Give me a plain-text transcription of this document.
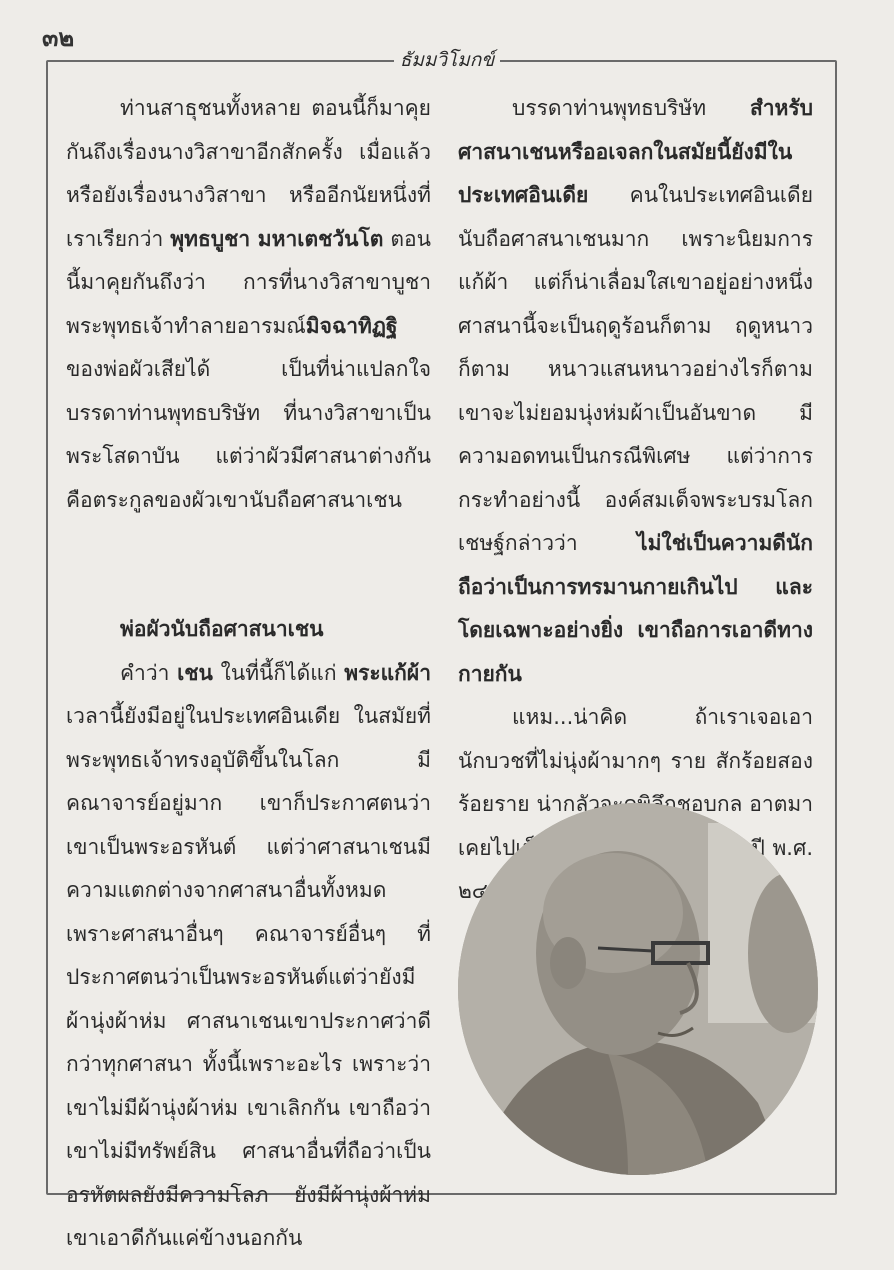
๓๒
ธัมมวิโมกข์

ท่านสาธุชนทั้งหลาย ตอนนี้ก็มาคุยกันถึงเรื่องนางวิสาขาอีกสักครั้ง เมื่อแล้วหรือยังเรื่องนางวิสาขา หรืออีกนัยหนึ่งที่เราเรียกว่า พุทธบูชา มหาเตชวันโต ตอนนี้มาคุยกันถึงว่า การที่นางวิสาขาบูชาพระพุทธเจ้าทำลายอารมณ์มิจฉาทิฏฐิของพ่อผัวเสียได้ เป็นที่น่าแปลกใจ บรรดาท่านพุทธบริษัท ที่นางวิสาขาเป็นพระโสดาบัน แต่ว่าผัวมีศาสนาต่างกัน คือตระกูลของผัวเขานับถือศาสนาเชน

พ่อผัวนับถือศาสนาเชน

คำว่า เชน ในที่นี้ก็ได้แก่ พระแก้ผ้า เวลานี้ยังมีอยู่ในประเทศอินเดีย ในสมัยที่พระพุทธเจ้าทรงอุบัติขึ้นในโลก มีคณาจารย์อยู่มาก เขาก็ประกาศตนว่าเขาเป็นพระอรหันต์ แต่ว่าศาสนาเชนมีความแตกต่างจากศาสนาอื่นทั้งหมด เพราะศาสนาอื่นๆ คณาจารย์อื่นๆ ที่ประกาศตนว่าเป็นพระอรหันต์แต่ว่ายังมีผ้านุ่งผ้าห่ม ศาสนาเชนเขาประกาศว่าดีกว่าทุกศาสนา ทั้งนี้เพราะอะไร เพราะว่าเขาไม่มีผ้านุ่งผ้าห่ม เขาเลิกกัน เขาถือว่าเขาไม่มีทรัพย์สิน ศาสนาอื่นที่ถือว่าเป็นอรหัตผลยังมีความโลภ ยังมีผ้านุ่งผ้าห่ม เขาเอาดีกันแค่ข้างนอกกัน

บรรดาท่านพุทธบริษัท สำหรับศาสนาเชนหรืออเจลกในสมัยนี้ยังมีในประเทศอินเดีย คนในประเทศอินเดียนับถือศาสนาเชนมาก เพราะนิยมการแก้ผ้า แต่ก็น่าเลื่อมใสเขาอยู่อย่างหนึ่ง ศาสนานี้จะเป็นฤดูร้อนก็ตาม ฤดูหนาวก็ตาม หนาวแสนหนาวอย่างไรก็ตาม เขาจะไม่ยอมนุ่งห่มผ้าเป็นอันขาด มีความอดทนเป็นกรณีพิเศษ แต่ว่าการกระทำอย่างนี้ องค์สมเด็จพระบรมโลกเชษฐ์กล่าวว่า	ไม่ใช่เป็นความดีนัก ถือว่าเป็นการทรมานกายเกินไป และโดยเฉพาะอย่างยิ่ง เขาถือการเอาดีทางกายกัน

แหม...น่าคิด ถ้าเราเจอเอานักบวชที่ไม่นุ่งผ้ามากๆ ราย สักร้อยสอง
